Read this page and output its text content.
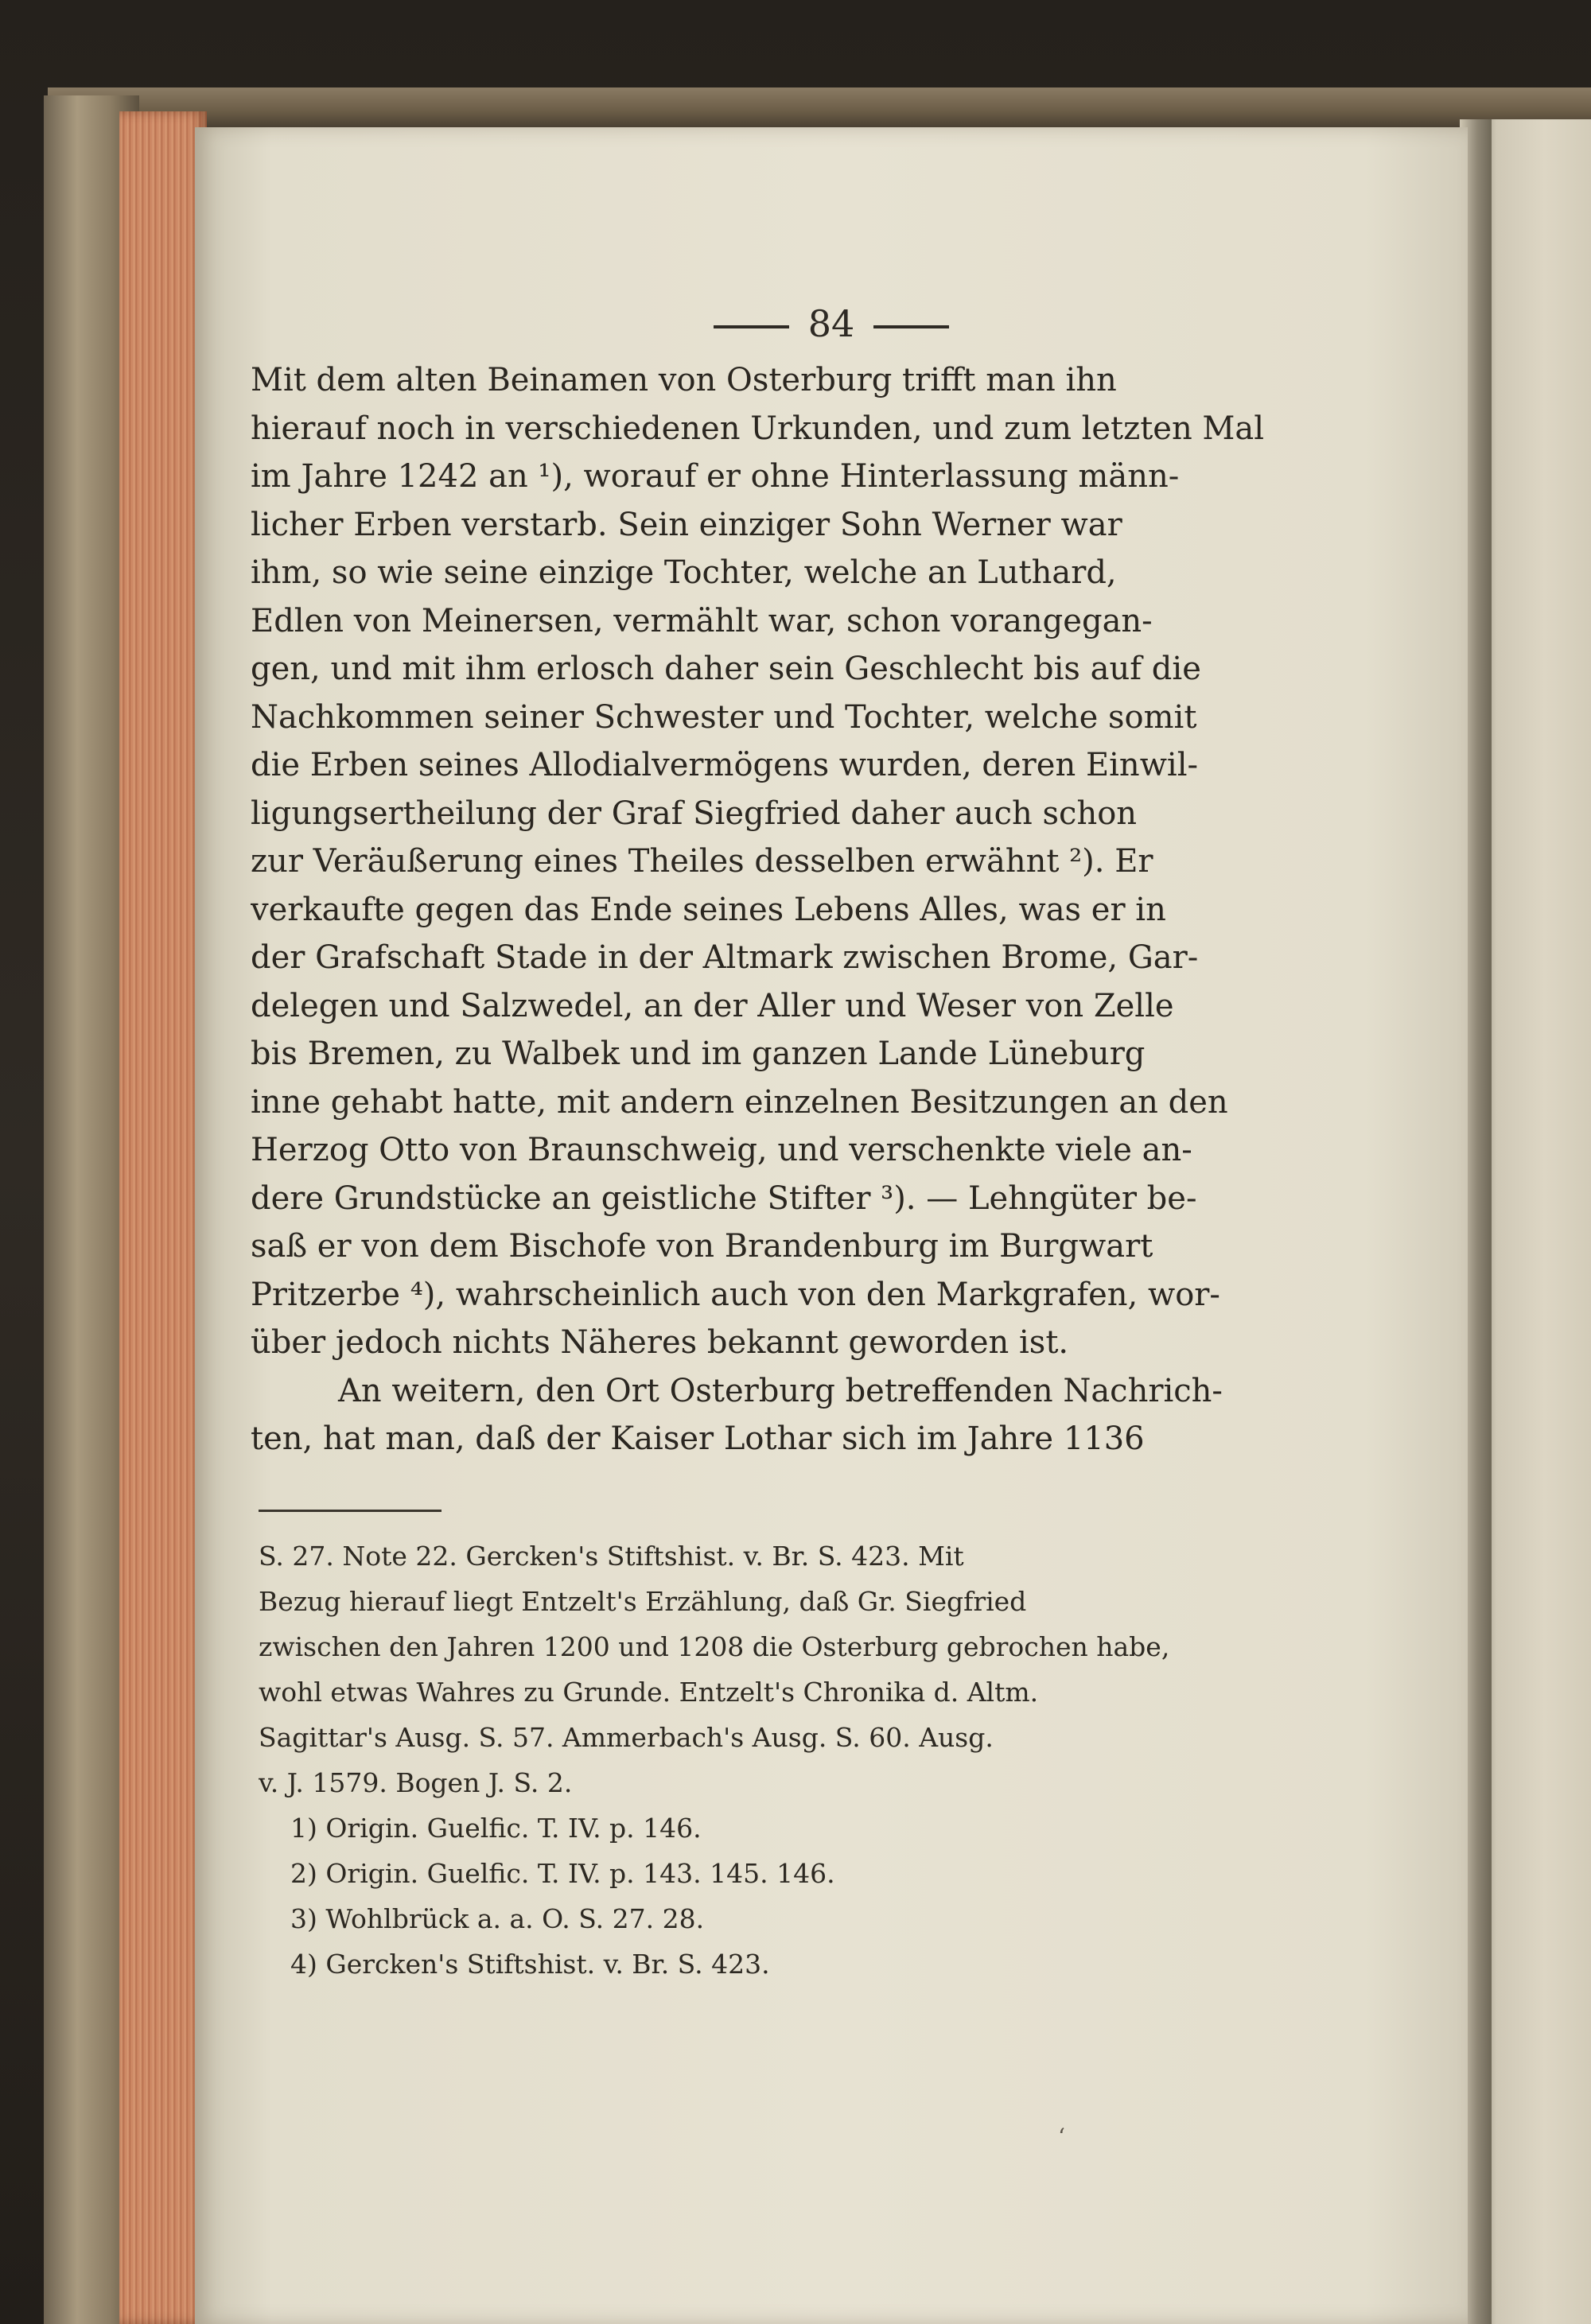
84
Mit dem alten Beinamen von Osterburg trifft man ihn
hierauf noch in verschiedenen Urkunden, und zum letzten Mal
im Jahre 1242 an ¹), worauf er ohne Hinterlassung männ-
licher Erben verstarb. Sein einziger Sohn Werner war
ihm, so wie seine einzige Tochter, welche an Luthard,
Edlen von Meinersen, vermählt war, schon vorangegan-
gen, und mit ihm erlosch daher sein Geschlecht bis auf die
Nachkommen seiner Schwester und Tochter, welche somit
die Erben seines Allodialvermögens wurden, deren Einwil-
ligungsertheilung der Graf Siegfried daher auch schon
zur Veräußerung eines Theiles desselben erwähnt ²). Er
verkaufte gegen das Ende seines Lebens Alles, was er in
der Grafschaft Stade in der Altmark zwischen Brome, Gar-
delegen und Salzwedel, an der Aller und Weser von Zelle
bis Bremen, zu Walbek und im ganzen Lande Lüneburg
inne gehabt hatte, mit andern einzelnen Besitzungen an den
Herzog Otto von Braunschweig, und verschenkte viele an-
dere Grundstücke an geistliche Stifter ³). — Lehngüter be-
saß er von dem Bischofe von Brandenburg im Burgwart
Pritzerbe ⁴), wahrscheinlich auch von den Markgrafen, wor-
über jedoch nichts Näheres bekannt geworden ist.
An weitern, den Ort Osterburg betreffenden Nachrich-
ten, hat man, daß der Kaiser Lothar sich im Jahre 1136
S. 27. Note 22. Gercken's Stiftshist. v. Br. S. 423. Mit
Bezug hierauf liegt Entzelt's Erzählung, daß Gr. Siegfried
zwischen den Jahren 1200 und 1208 die Osterburg gebrochen habe,
wohl etwas Wahres zu Grunde. Entzelt's Chronika d. Altm.
Sagittar's Ausg. S. 57. Ammerbach's Ausg. S. 60. Ausg.
v. J. 1579. Bogen J. S. 2.
1) Origin. Guelfic. T. IV. p. 146.
2) Origin. Guelfic. T. IV. p. 143. 145. 146.
3) Wohlbrück a. a. O. S. 27. 28.
4) Gercken's Stiftshist. v. Br. S. 423.
ʻ
